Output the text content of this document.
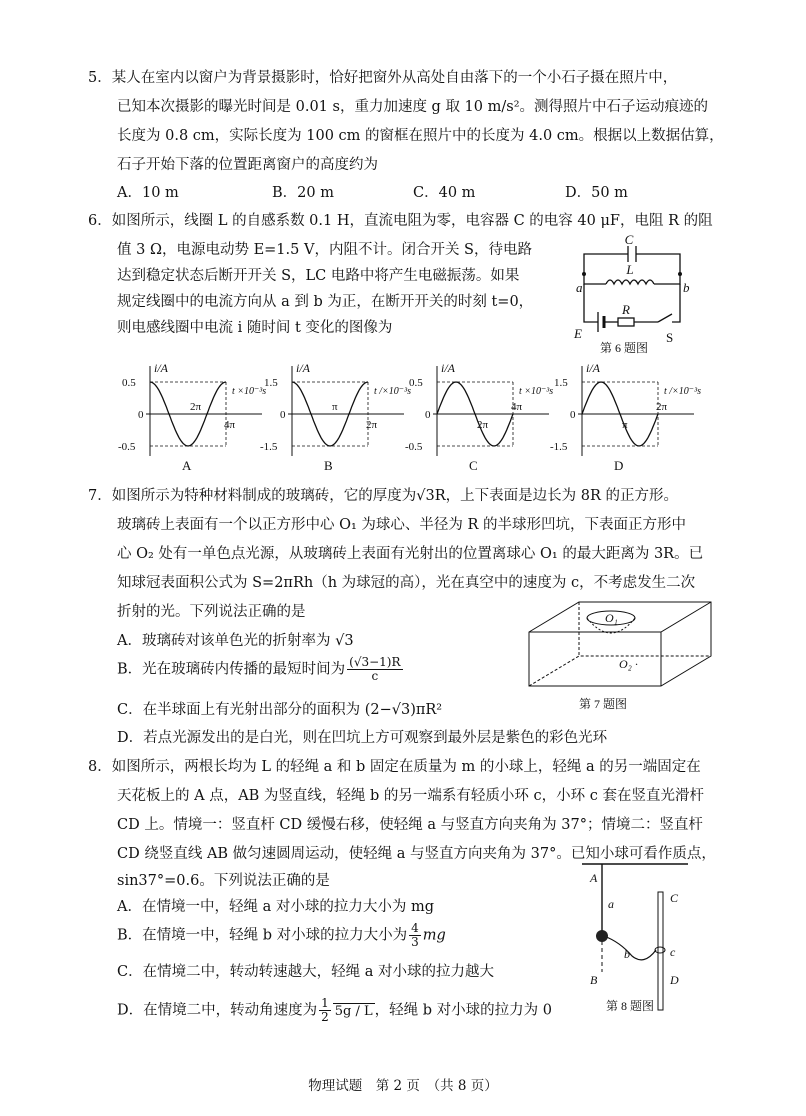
5．某人在室内以窗户为背景摄影时，恰好把窗外从高处自由落下的一个小石子摄在照片中，
已知本次摄影的曝光时间是 0.01 s，重力加速度 g 取 10 m/s²。测得照片中石子运动痕迹的
长度为 0.8 cm，实际长度为 100 cm 的窗框在照片中的长度为 4.0 cm。根据以上数据估算，
石子开始下落的位置距离窗户的高度约为
A．10 m	B．20 m	C．40 m	D．50 m
6．如图所示，线圈 L 的自感系数 0.1 H，直流电阻为零，电容器 C 的电容 40 μF，电阻 R 的阻
值 3 Ω，电源电动势 E=1.5 V，内阻不计。闭合开关 S，待电路
达到稳定状态后断开开关 S，LC 电路中将产生电磁振荡。如果
规定线圈中的电流方向从 a 到 b 为正，在断开开关的时刻 t=0，
则电感线圈中电流 i 随时间 t 变化的图像为
C
L
a	b
E
R
S
第 6 题图
2π
4π
i/A
0.5
0
-0.5
t ×10⁻³s
A
π
2π
i/A
1.5
0
-1.5
t /×10⁻³s
B
2π
4π
i/A
0.5
0
-0.5
t ×10⁻³s
C
π
2π
i/A
1.5
0
-1.5
t /×10⁻³s
D
7．如图所示为特种材料制成的玻璃砖，它的厚度为√3R，上下表面是边长为 8R 的正方形。
玻璃砖上表面有一个以正方形中心 O₁ 为球心、半径为 R 的半球形凹坑，下表面正方形中
心 O₂ 处有一单色点光源，从玻璃砖上表面有光射出的位置离球心 O₁ 的最大距离为 3R。已
知球冠表面积公式为 S=2πRh（h 为球冠的高），光在真空中的速度为 c，不考虑发生二次
折射的光。下列说法正确的是
A．玻璃砖对该单色光的折射率为 √3
B．光在玻璃砖内传播的最短时间为 $\frac{(√3-1)R}{c}$
C．在半球面上有光射出部分的面积为 (2−√3)πR²
D．若点光源发出的是白光，则在凹坑上方可观察到最外层是紫色的彩色光环
O₁
O₂ ·
第 7 题图
8．如图所示，两根长均为 L 的轻绳 a 和 b 固定在质量为 m 的小球上，轻绳 a 的另一端固定在
天花板上的 A 点，AB 为竖直线，轻绳 b 的另一端系有轻质小环 c，小环 c 套在竖直光滑杆
CD 上。情境一：竖直杆 CD 缓慢右移，使轻绳 a 与竖直方向夹角为 37°；情境二：竖直杆
CD 绕竖直线 AB 做匀速圆周运动，使轻绳 a 与竖直方向夹角为 37°。已知小球可看作质点，
sin37°=0.6。下列说法正确的是
A．在情境一中，轻绳 a 对小球的拉力大小为 mg
B．在情境一中，轻绳 b 对小球的拉力大小为 $\frac{4}{3}$ mg
C．在情境二中，转动转速越大，轻绳 a 对小球的拉力越大
D．在情境二中，转动角速度为 $\frac{1}{2} 5g$ / L ，轻绳 b 对小球的拉力为 0
A
a
b
B
C
c
D
第 8 题图
物理试题　第 2 页　（共 8 页）
